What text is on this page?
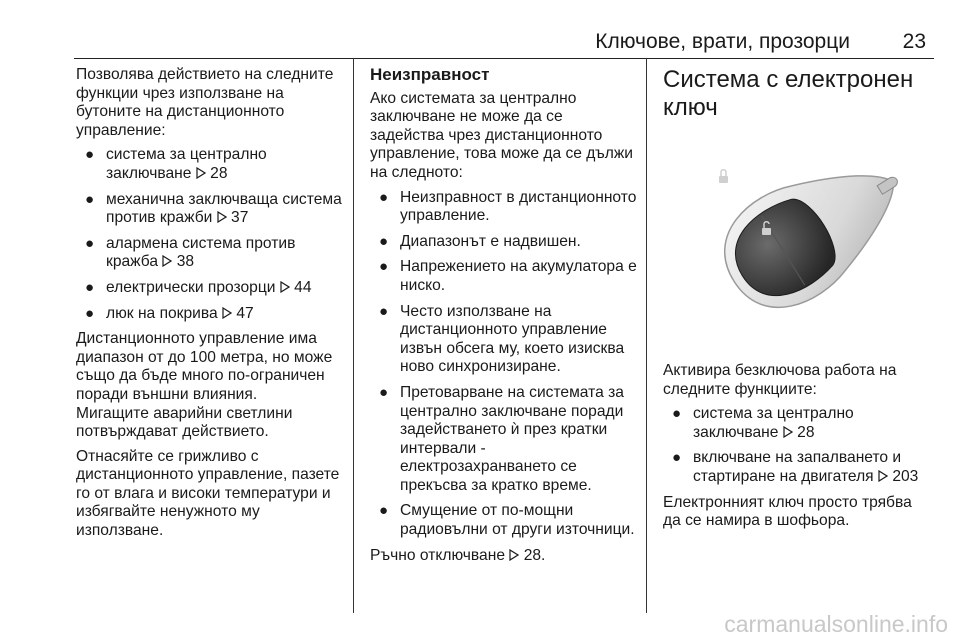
Ключове, врати, прозорци	23

Позволява действието на следните функции чрез използване на бутоните на дистанционното управление:

● система за централно заключване 28
● механична заключваща система против кражби 37
● алармена система против кражба 38
● електрически прозорци 44
● люк на покрива 47

Дистанционното управление има диапазон от до 100 метра, но може също да бъде много по-ограничен поради външни влияния.

Мигащите аварийни светлини потвърждават действието.

Отнасяйте се грижливо с дистанционното управление, пазете го от влага и високи температури и избягвайте ненужното му използване.

Неизправност

Ако системата за централно заключване не може да се задейства чрез дистанционното управление, това може да се дължи на следното:

● Неизправност в дистанционното управление.
● Диапазонът е надвишен.
● Напрежението на акумулатора е ниско.
● Често използване на дистанционното управление извън обсега му, което изисква ново синхронизиране.
● Претоварване на системата за централно заключване поради задействането ѝ през кратки интервали - електрозахранването се прекъсва за кратко време.
● Смущение от по-мощни радиовълни от други източници.

Ръчно отключване 28.

Система с електронен ключ

Активира безключова работа на следните функциите:

● система за централно заключване 28
● включване на запалването и стартиране на двигателя 203

Електронният ключ просто трябва да се намира в шофьора.

carmanualsonline.info
